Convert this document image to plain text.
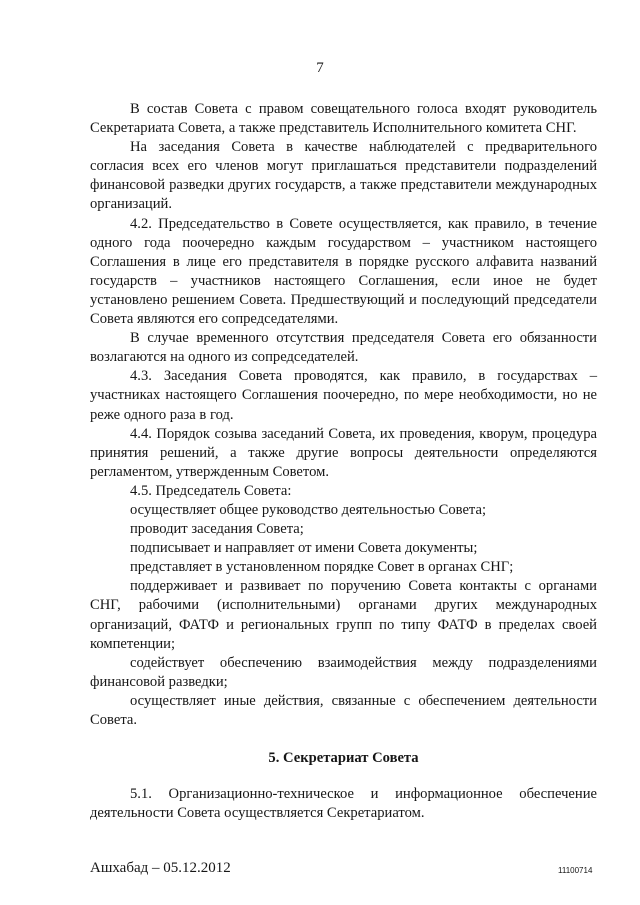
7

В состав Совета с правом совещательного голоса входят руководитель Секретариата Совета, а также представитель Исполнительного комитета СНГ.

На заседания Совета в качестве наблюдателей с предварительного согласия всех его членов могут приглашаться представители подразделений финансовой разведки других государств, а также представители международных организаций.

4.2. Председательство в Совете осуществляется, как правило, в течение одного года поочередно каждым государством – участником настоящего Соглашения в лице его представителя в порядке русского алфавита названий государств – участников настоящего Соглашения, если иное не будет установлено решением Совета. Предшествующий и последующий председатели Совета являются его сопредседателями.

В случае временного отсутствия председателя Совета его обязанности возлагаются на одного из сопредседателей.

4.3. Заседания Совета проводятся, как правило, в государствах – участниках настоящего Соглашения поочередно, по мере необходимости, но не реже одного раза в год.

4.4. Порядок созыва заседаний Совета, их проведения, кворум, процедура принятия решений, а также другие вопросы деятельности определяются регламентом, утвержденным Советом.

4.5. Председатель Совета:

осуществляет общее руководство деятельностью Совета;

проводит заседания Совета;

подписывает и направляет от имени Совета документы;

представляет в установленном порядке Совет в органах СНГ;

поддерживает и развивает по поручению Совета контакты с органами СНГ, рабочими (исполнительными) органами других международных организаций, ФАТФ и региональных групп по типу ФАТФ в пределах своей компетенции;

содействует обеспечению взаимодействия между подразделениями финансовой разведки;

осуществляет иные действия, связанные с обеспечением деятельности Совета.

5. Секретариат Совета

5.1. Организационно-техническое и информационное обеспечение деятельности Совета осуществляется Секретариатом.

Ашхабад – 05.12.2012	11100714
